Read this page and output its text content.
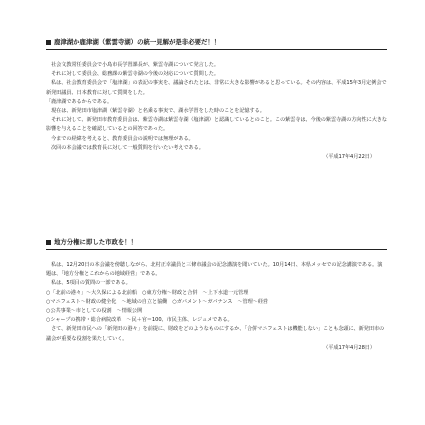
鹿津湖か鹿津湖（紫雲寺湖）の統一見解が是非必要だ！！
　社会文教常任委員会で小島市長学習課長が、紫雲寺湖について発言した。
　それに対して委員会、総務課の紫雲寺湖の今後の対応について質問した。
　私は、社会教育委員会で「塩津湖」の表記の事実を、議論されたとは、非常に大きな影響があると思っている。その内容は、平成15年3月定例会で新発田議員、日本教育に対して質問をした。
「鹿津湖であるからである。
　現在は、新発田市塩津湖（紫雲寺湖）と名乗る事実で、湖水学習をした時のことを記憶する。
　それに対して、新発田市教育委員会は、紫雲寺湖は紫雲寺湖（塩津湖）と認識しているとのこと。この紫雲寺は、今後の紫雲寺湖の方向性に大きな影響を与えることを確認しているとの回答であった。
　今までの経緯を考えると、教育委員会の説明では無理がある。
　次回の本会議では教育長に対して一般質問を行いたい考えである。
（平成17年4月22日）
地方分権に即した市政を！！
　私は、12月20日の本会議を傍聴しながら、北村正幸議員と三條市議会の記念講演を聞いていた。10月14日、本県メッセでの記念講演である。演題は、「地方分権とこれからの地域経営」である。
　私は、5項目の質問の一部である。
○「北前の港々」～大久保による北前船　○東方分権～財政と合併　～上下水道一元管理
○マニフェスト～財政の健全化　～地域の自立と協働　○ガバメント～ガバナンス　～管理～経営
○公共事業～市としての役割　～情報公開
○シャープの携帯・総合病院改革　～民＋官＝100、市民主体、レジュメである。
　さて、新発田市民への「新発田の港々」を前提に、財政をどのようなものにするか、「合併マニフェストは機能しない」ことも念頭に、新発田市の議会が重要な役割を果たしていく。
（平成17年4月28日）
